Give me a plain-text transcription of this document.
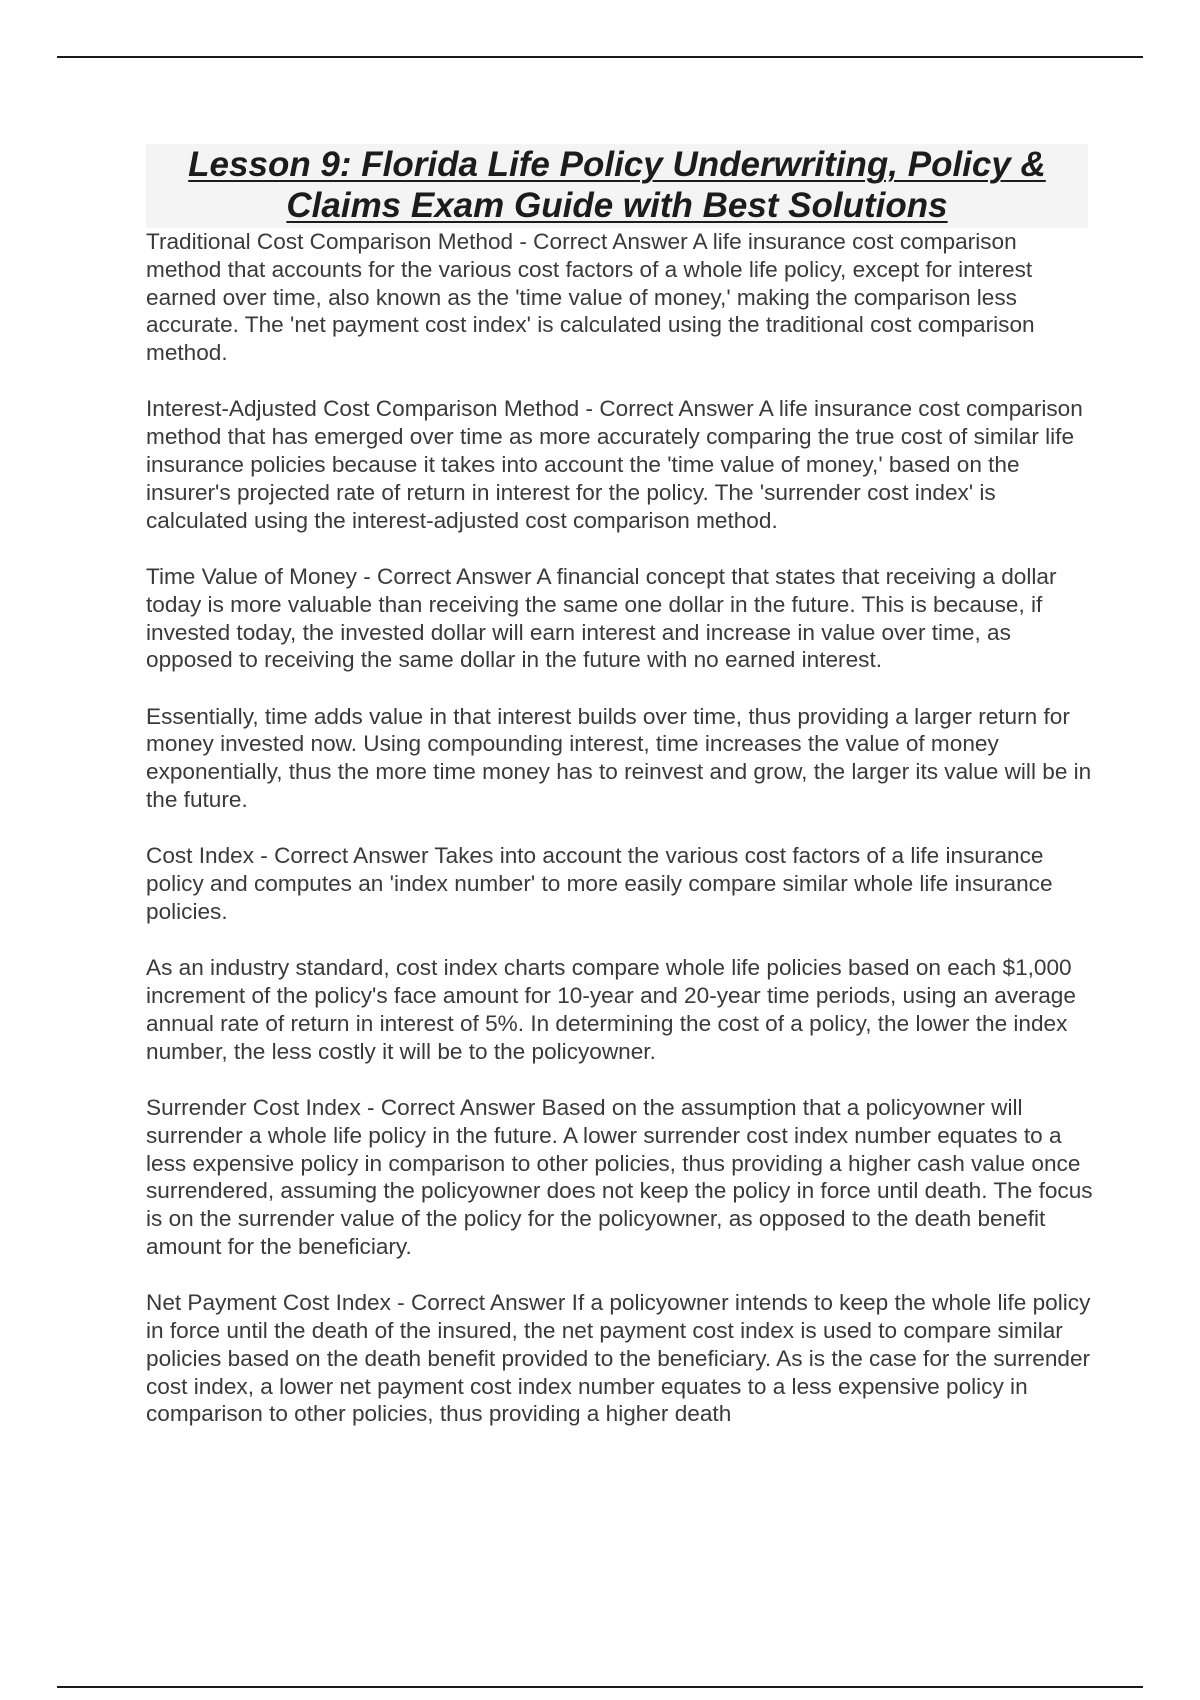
Lesson 9: Florida Life Policy Underwriting, Policy & Claims Exam Guide with Best Solutions

Traditional Cost Comparison Method - Correct Answer A life insurance cost comparison method that accounts for the various cost factors of a whole life policy, except for interest earned over time, also known as the 'time value of money,' making the comparison less accurate. The 'net payment cost index' is calculated using the traditional cost comparison method.

Interest-Adjusted Cost Comparison Method - Correct Answer A life insurance cost comparison method that has emerged over time as more accurately comparing the true cost of similar life insurance policies because it takes into account the 'time value of money,' based on the insurer's projected rate of return in interest for the policy. The 'surrender cost index' is calculated using the interest-adjusted cost comparison method.

Time Value of Money - Correct Answer A financial concept that states that receiving a dollar today is more valuable than receiving the same one dollar in the future. This is because, if invested today, the invested dollar will earn interest and increase in value over time, as opposed to receiving the same dollar in the future with no earned interest.

Essentially, time adds value in that interest builds over time, thus providing a larger return for money invested now. Using compounding interest, time increases the value of money exponentially, thus the more time money has to reinvest and grow, the larger its value will be in the future.

Cost Index - Correct Answer Takes into account the various cost factors of a life insurance policy and computes an 'index number' to more easily compare similar whole life insurance policies.

As an industry standard, cost index charts compare whole life policies based on each $1,000 increment of the policy's face amount for 10-year and 20-year time periods, using an average annual rate of return in interest of 5%. In determining the cost of a policy, the lower the index number, the less costly it will be to the policyowner.

Surrender Cost Index - Correct Answer Based on the assumption that a policyowner will surrender a whole life policy in the future. A lower surrender cost index number equates to a less expensive policy in comparison to other policies, thus providing a higher cash value once surrendered, assuming the policyowner does not keep the policy in force until death. The focus is on the surrender value of the policy for the policyowner, as opposed to the death benefit amount for the beneficiary.

Net Payment Cost Index - Correct Answer If a policyowner intends to keep the whole life policy in force until the death of the insured, the net payment cost index is used to compare similar policies based on the death benefit provided to the beneficiary. As is the case for the surrender cost index, a lower net payment cost index number equates to a less expensive policy in comparison to other policies, thus providing a higher death
